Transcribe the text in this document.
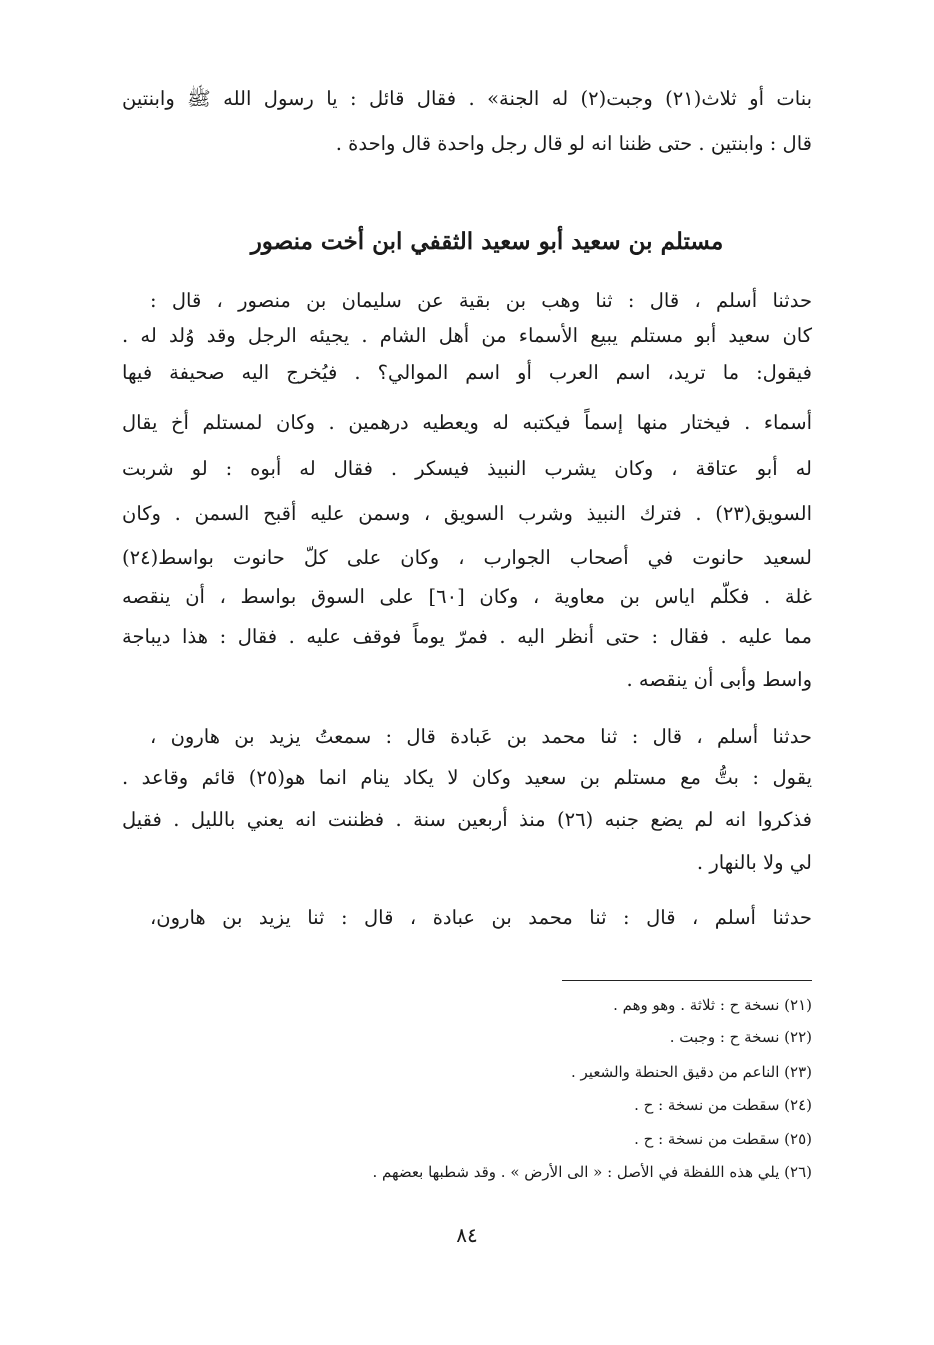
بنات أو ثلاث(٢١) وجبت(٢) له الجنة» . فقال قائل : يا رسول الله ﷺ وابنتين
قال : وابنتين . حتى ظننا انه لو قال رجل واحدة قال واحدة .
مستلم بن سعيد أبو سعيد الثقفي ابن أخت منصور
حدثنا أسلم ، قال : ثنا وهب بن بقية عن سليمان بن منصور ، قال :
كان سعيد أبو مستلم يبيع الأسماء من أهل الشام . يجيئه الرجل وقد وُلد له .
فيقول: ما تريد، اسم العرب أو اسم الموالي؟ . فيُخرج اليه صحيفة فيها
أسماء . فيختار منها إسماً فيكتبه له ويعطيه درهمين . وكان لمستلم أخ يقال
له أبو عتاقة ، وكان يشرب النبيذ فيسكر . فقال له أبوه : لو شربت
السويق(٢٣) . فترك النبيذ وشرب السويق ، وسمن عليه أقبح السمن . وكان
لسعيد حانوت في أصحاب الجوارب ، وكان على كلّ حانوت بواسط(٢٤)
غلة . فكلّم اياس بن معاوية ، وكان [٦٠] على السوق بواسط ، أن ينقصه
مما عليه . فقال : حتى أنظر اليه . فمرّ يوماً فوقف عليه . فقال : هذا ديباجة
واسط وأبى أن ينقصه .
حدثنا أسلم ، قال : ثنا محمد بن عَبادة قال : سمعتُ يزيد بن هارون ،
يقول : بتُّ مع مستلم بن سعيد وكان لا يكاد ينام انما هو(٢٥) قائم وقاعد .
فذكروا انه لم يضع جنبه (٢٦) منذ أربعين سنة . فظننت انه يعني بالليل . فقيل
لي ولا بالنهار .
حدثنا أسلم ، قال : ثنا محمد بن عبادة ، قال : ثنا يزيد بن هارون،
(٢١) نسخة ح : ثلاثة . وهو وهم .
(٢٢) نسخة ح : وجبت .
(٢٣) الناعم من دقيق الحنطة والشعير .
(٢٤) سقطت من نسخة : ح .
(٢٥) سقطت من نسخة : ح .
(٢٦) يلي هذه اللفظة في الأصل : « الى الأرض » . وقد شطبها بعضهم .
٨٤
